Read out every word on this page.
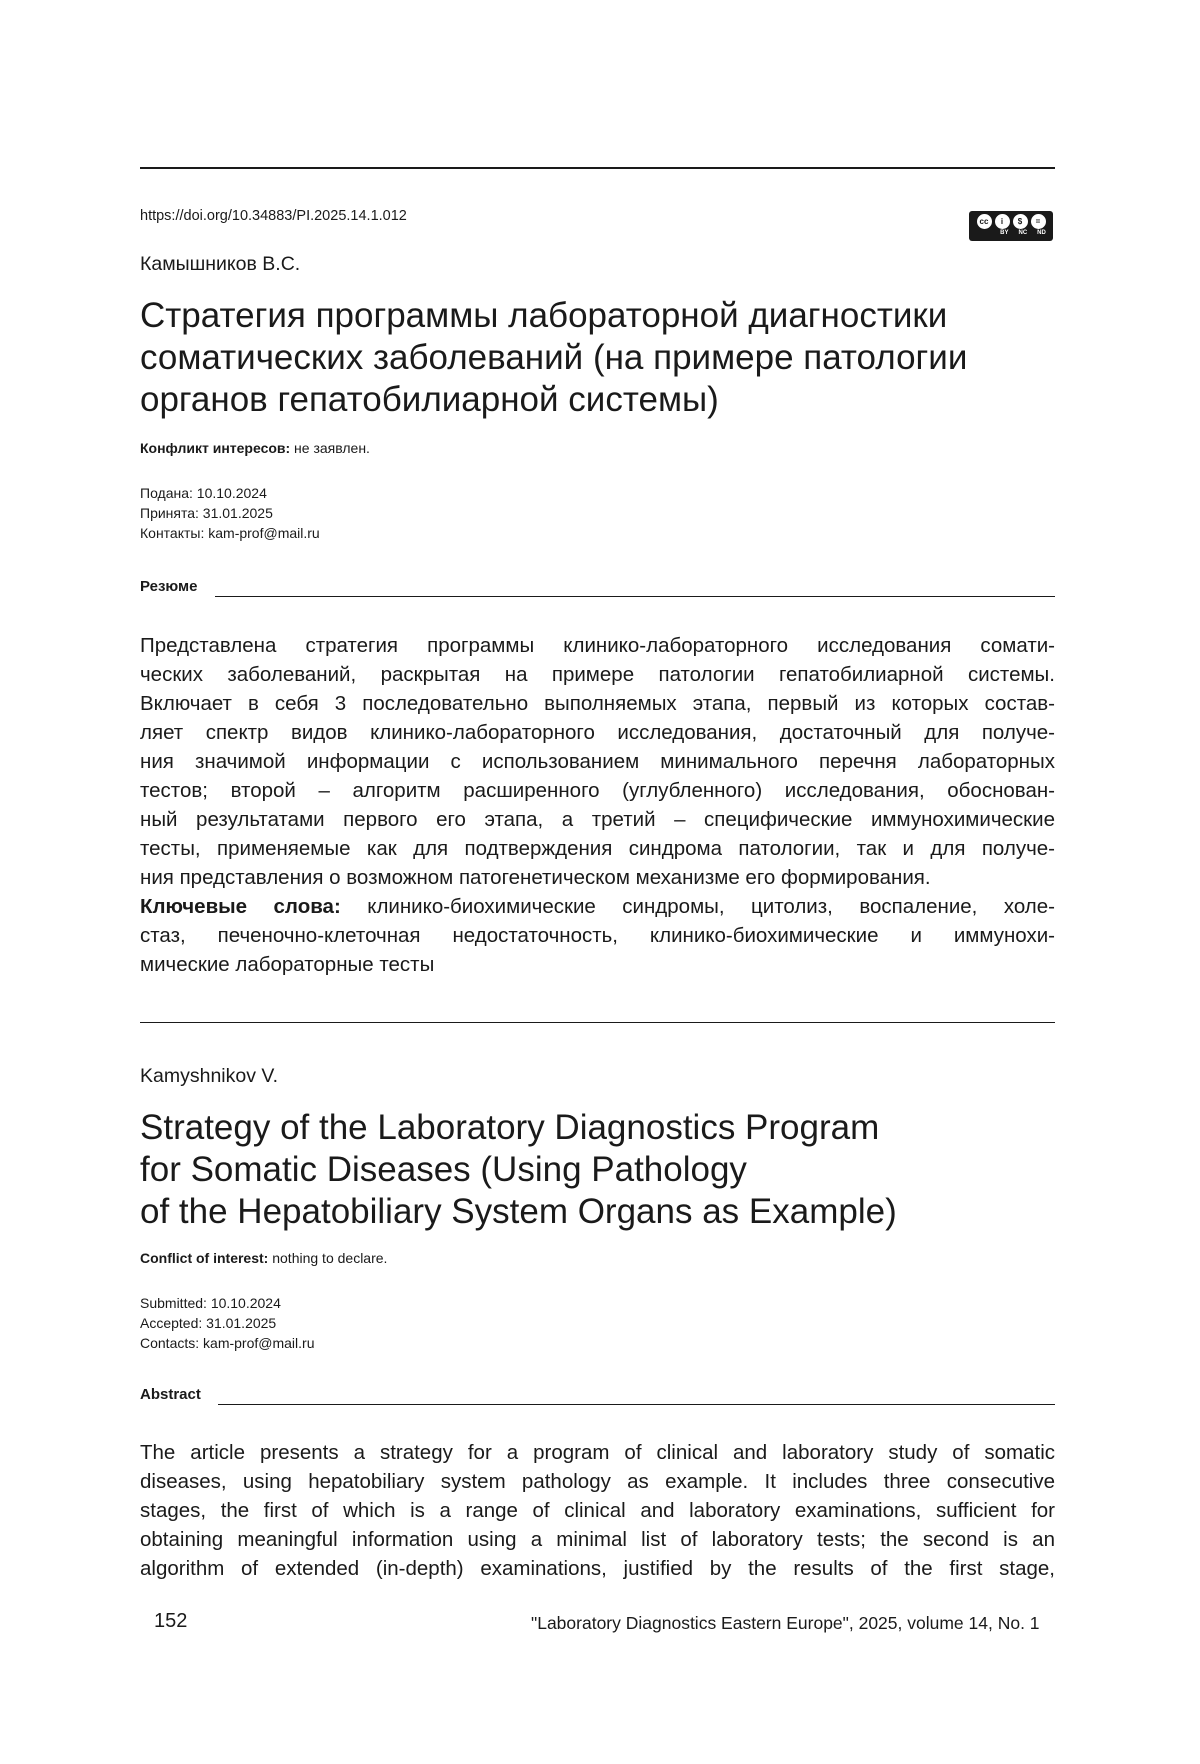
https://doi.org/10.34883/PI.2025.14.1.012	cc	i	$	=
BY NC ND
Камышников В.С.
Стратегия программы лабораторной диагностики
соматических заболеваний (на примере патологии
органов гепатобилиарной системы)
Конфликт интересов: не заявлен.
Подана: 10.10.2024
Принята: 31.01.2025
Контакты: kam-prof@mail.ru
Резюме
Представлена стратегия программы клинико-лабораторного исследования сомати-
ческих заболеваний, раскрытая на примере патологии гепатобилиарной системы.
Включает в себя 3 последовательно выполняемых этапа, первый из которых состав-
ляет спектр видов клинико-лабораторного исследования, достаточный для получе-
ния значимой информации с использованием минимального перечня лабораторных
тестов; второй – алгоритм расширенного (углубленного) исследования, обоснован-
ный результатами первого его этапа, а третий – специфические иммунохимические
тесты, применяемые как для подтверждения синдрома патологии, так и для получе-
ния представления о возможном патогенетическом механизме его формирования.
Ключевые слова: клинико-биохимические синдромы, цитолиз, воспаление, холе-
стаз, печеночно-клеточная недостаточность, клинико-биохимические и иммунохи-
мические лабораторные тесты
Kamyshnikov V.
Strategy of the Laboratory Diagnostics Program
for Somatic Diseases (Using Pathology
of the Hepatobiliary System Organs as Example)
Conflict of interest: nothing to declare.
Submitted: 10.10.2024
Accepted: 31.01.2025
Contacts: kam-prof@mail.ru
Abstract
The article presents a strategy for a program of clinical and laboratory study of somatic
diseases, using hepatobiliary system pathology as example. It includes three consecutive
stages, the first of which is a range of clinical and laboratory examinations, sufficient for
obtaining meaningful information using a minimal list of laboratory tests; the second is an
algorithm of extended (in-depth) examinations, justified by the results of the first stage,
152	"Laboratory Diagnostics Eastern Europe", 2025, volume 14, No. 1
